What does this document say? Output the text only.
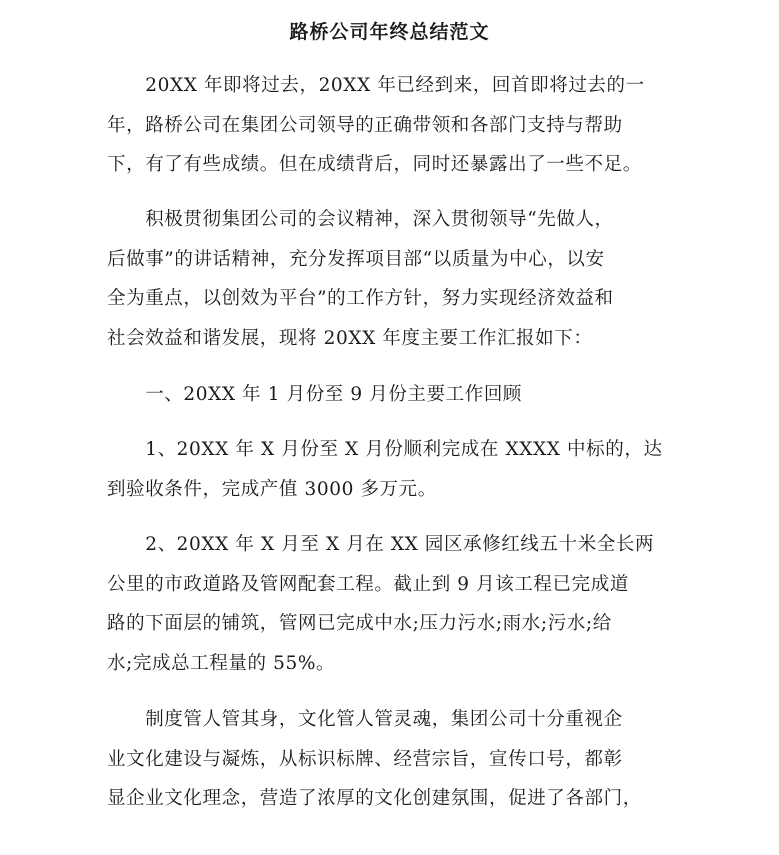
路桥公司年终总结范文

　　20XX 年即将过去，20XX 年已经到来，回首即将过去的一

年，路桥公司在集团公司领导的正确带领和各部门支持与帮助

下，有了有些成绩。但在成绩背后，同时还暴露出了一些不足。

　　积极贯彻集团公司的会议精神，深入贯彻领导“先做人，

后做事”的讲话精神，充分发挥项目部“以质量为中心，以安

全为重点，以创效为平台”的工作方针，努力实现经济效益和

社会效益和谐发展，现将 20XX 年度主要工作汇报如下：

　　一、20XX 年 1 月份至 9 月份主要工作回顾

　　1、20XX 年 X 月份至 X 月份顺利完成在 XXXX 中标的，达

到验收条件，完成产值 3000 多万元。

　　2、20XX 年 X 月至 X 月在 XX 园区承修红线五十米全长两

公里的市政道路及管网配套工程。截止到 9 月该工程已完成道

路的下面层的铺筑，管网已完成中水;压力污水;雨水;污水;给

水;完成总工程量的 55%。

　　制度管人管其身，文化管人管灵魂，集团公司十分重视企

业文化建设与凝炼，从标识标牌、经营宗旨，宣传口号，都彰

显企业文化理念，营造了浓厚的文化创建氛围，促进了各部门，
